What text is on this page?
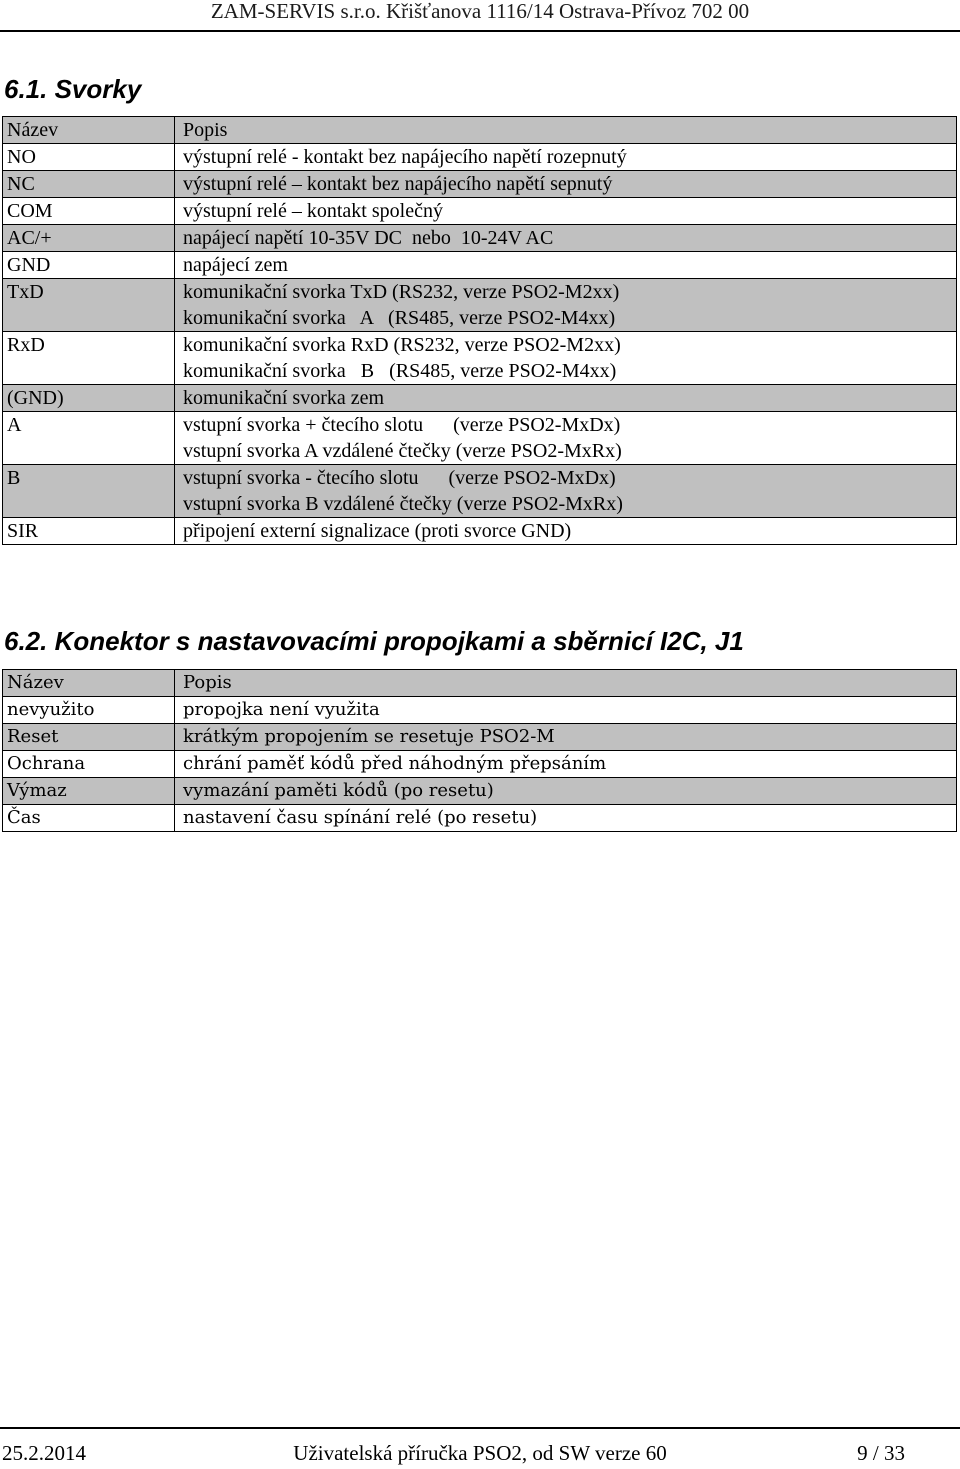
ZAM-SERVIS s.r.o. Křišťanova 1116/14 Ostrava-Přívoz 702 00
6.1. Svorky
Název	Popis
NO	výstupní relé - kontakt bez napájecího napětí rozepnutý

NC	výstupní relé – kontakt bez napájecího napětí sepnutý

COM	výstupní relé – kontakt společný

AC/+	napájecí napětí 10-35V DC  nebo  10-24V AC

GND	napájecí zem

TxD	komunikační svorka TxD (RS232, verze PSO2-M2xx)
komunikační svorka   A   (RS485, verze PSO2-M4xx)

RxD	komunikační svorka RxD (RS232, verze PSO2-M2xx)
komunikační svorka   B   (RS485, verze PSO2-M4xx)

(GND)	komunikační svorka zem

A	vstupní svorka + čtecího slotu      (verze PSO2-MxDx)
vstupní svorka A vzdálené čtečky (verze PSO2-MxRx)

B	vstupní svorka - čtecího slotu      (verze PSO2-MxDx)
vstupní svorka B vzdálené čtečky (verze PSO2-MxRx)

SIR	připojení externí signalizace (proti svorce GND)
6.2. Konektor s nastavovacími propojkami a sběrnicí I2C, J1
Název	Popis
nevyužito	propojka není využita
Reset	krátkým propojením se resetuje PSO2-M
Ochrana	chrání paměť kódů před náhodným přepsáním
Výmaz	vymazání paměti kódů (po resetu)
Čas	nastavení času spínání relé (po resetu)
25.2.2014	Uživatelská příručka PSO2, od SW verze 60	9 / 33
